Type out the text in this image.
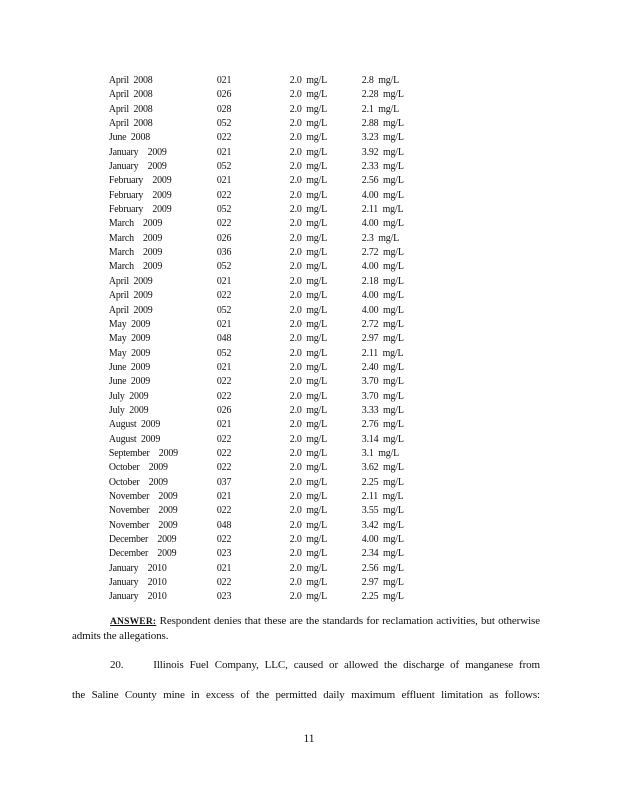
April  2008	021	2.0  mg/L	2.8  mg/L
April  2008	026	2.0  mg/L	2.28  mg/L
April  2008	028	2.0  mg/L	2.1  mg/L
April  2008	052	2.0  mg/L	2.88  mg/L
June  2008	022	2.0  mg/L	3.23  mg/L
January    2009	021	2.0  mg/L	3.92  mg/L
January    2009	052	2.0  mg/L	2.33  mg/L
February    2009	021	2.0  mg/L	2.56  mg/L
February    2009	022	2.0  mg/L	4.00  mg/L
February    2009	052	2.0  mg/L	2.11  mg/L
March    2009	022	2.0  mg/L	4.00  mg/L
March    2009	026	2.0  mg/L	2.3  mg/L
March    2009	036	2.0  mg/L	2.72  mg/L
March    2009	052	2.0  mg/L	4.00  mg/L
April  2009	021	2.0  mg/L	2.18  mg/L
April  2009	022	2.0  mg/L	4.00  mg/L
April  2009	052	2.0  mg/L	4.00  mg/L
May  2009	021	2.0  mg/L	2.72  mg/L
May  2009	048	2.0  mg/L	2.97  mg/L
May  2009	052	2.0  mg/L	2.11  mg/L
June  2009	021	2.0  mg/L	2.40  mg/L
June  2009	022	2.0  mg/L	3.70  mg/L
July  2009	022	2.0  mg/L	3.70  mg/L
July  2009	026	2.0  mg/L	3.33  mg/L
August  2009	021	2.0  mg/L	2.76  mg/L
August  2009	022	2.0  mg/L	3.14  mg/L
September    2009	022	2.0  mg/L	3.1  mg/L
October    2009	022	2.0  mg/L	3.62  mg/L
October    2009	037	2.0  mg/L	2.25  mg/L
November    2009	021	2.0  mg/L	2.11  mg/L
November    2009	022	2.0  mg/L	3.55  mg/L
November    2009	048	2.0  mg/L	3.42  mg/L
December    2009	022	2.0  mg/L	4.00  mg/L
December    2009	023	2.0  mg/L	2.34  mg/L
January    2010	021	2.0  mg/L	2.56  mg/L
January    2010	022	2.0  mg/L	2.97  mg/L
January    2010	023	2.0  mg/L	2.25  mg/L
ANSWER: Respondent denies that these are the standards for reclamation activities, but otherwise admits the allegations.
20.	Illinois Fuel Company, LLC, caused or allowed the discharge of manganese from
the Saline County mine in excess of the permitted daily maximum effluent limitation as follows:
11
